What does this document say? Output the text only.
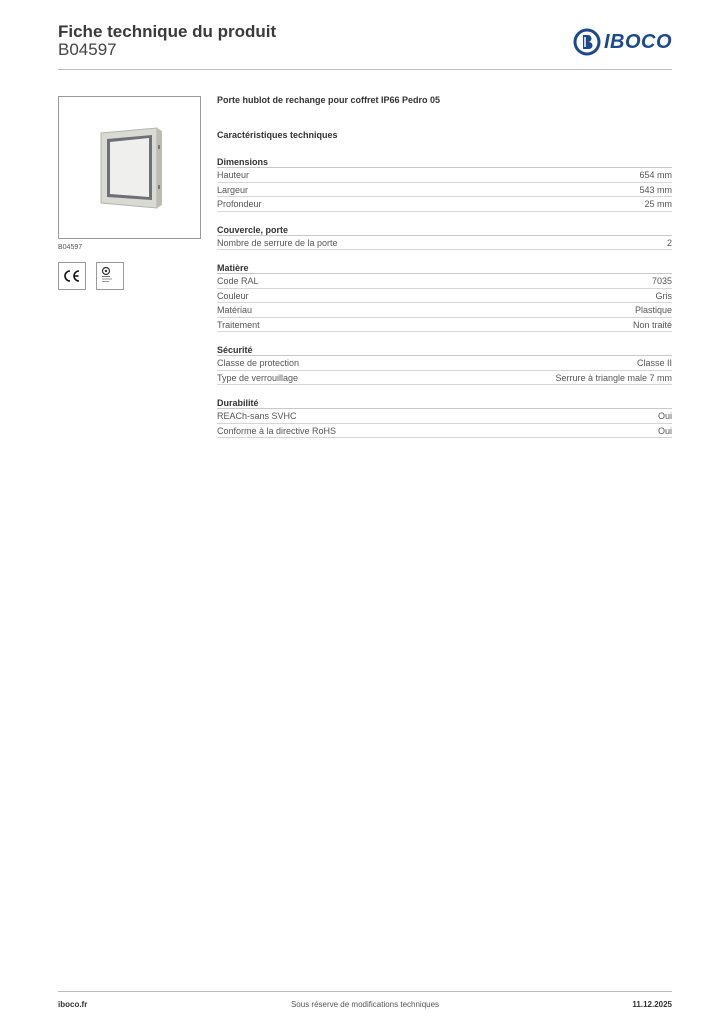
Fiche technique du produit
B04597	IBOCO
B04597
Porte hublot de rechange pour coffret IP66 Pedro 05
Caractéristiques techniques
Dimensions
Hauteur	654 mm
Largeur	543 mm
Profondeur	25 mm
Couvercle, porte
Nombre de serrure de la porte	2
Matière
Code RAL	7035
Couleur	Gris
Matériau	Plastique
Traitement	Non traité
Sécurité
Classe de protection	Classe II
Type de verrouillage	Serrure à triangle male 7 mm
Durabilité
REACh-sans SVHC	Oui
Conforme à la directive RoHS	Oui
iboco.fr	Sous réserve de modifications techniques	11.12.2025
